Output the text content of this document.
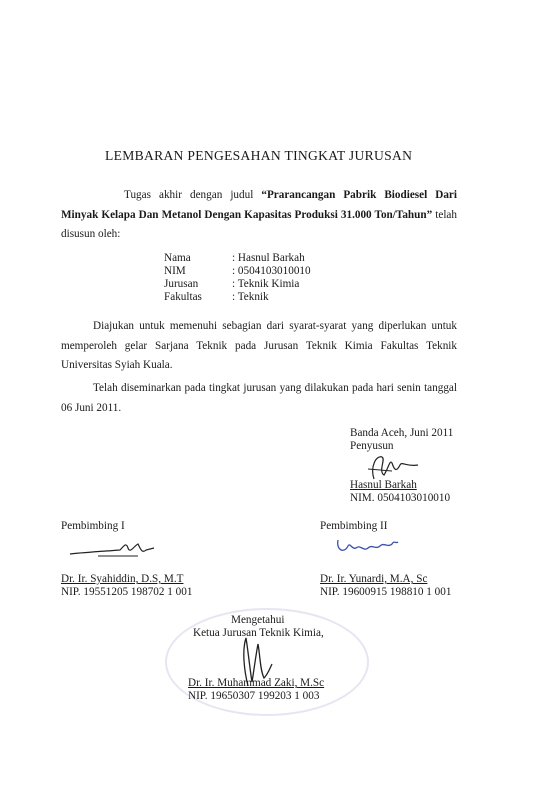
LEMBARAN PENGESAHAN TINGKAT JURUSAN
Tugas akhir dengan judul “Prarancangan Pabrik Biodiesel Dari Minyak Kelapa Dan Metanol Dengan Kapasitas Produksi 31.000 Ton/Tahun” telah disusun oleh:
Nama	: Hasnul Barkah
NIM	: 0504103010010
Jurusan	: Teknik Kimia
Fakultas	: Teknik
Diajukan untuk memenuhi sebagian dari syarat-syarat yang diperlukan untuk memperoleh gelar Sarjana Teknik pada Jurusan Teknik Kimia Fakultas Teknik Universitas Syiah Kuala.
Telah diseminarkan pada tingkat jurusan yang dilakukan pada hari senin tanggal 06 Juni 2011.
Banda Aceh, Juni 2011
Penyusun
Hasnul Barkah
NIM. 0504103010010
Pembimbing I
Dr. Ir. Syahiddin, D.S, M.T
NIP. 19551205 198702 1 001
Pembimbing II
Dr. Ir. Yunardi, M.A, Sc
NIP. 19600915 198810 1 001
Mengetahui
Ketua Jurusan Teknik Kimia,
Dr. Ir. Muhammad Zaki, M.Sc
NIP. 19650307 199203 1 003
